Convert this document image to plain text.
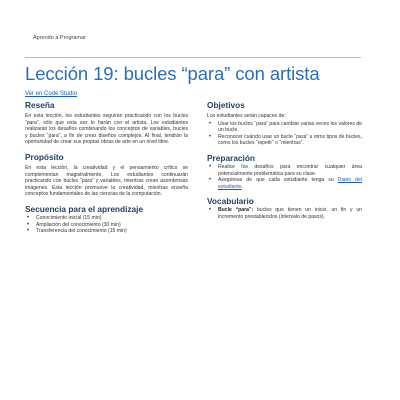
Aprendo a Programar
Lección 19: bucles “para” con artista
Ver en Code Studio
Reseña

En esta lección, los estudiantes seguirán practicando con los bucles “para”, sólo que esta vez lo harán con el artista. Los estudiantes realizarán los desafíos combinando los conceptos de variables, bucles y bucles “para”, a fin de crear diseños complejos. Al final, tendrán la oportunidad de crear sus propias obras de arte en un nivel libre.

Propósito

En esta lección, la creatividad y el pensamiento crítico se complementan magistralmente. Los estudiantes continuarán practicando con bucles “para” y variables, mientras crean asombrosas imágenes. Esta lección promueve la creatividad, mientras enseña conceptos fundamentales de las ciencias de la computación.

Secuencia para el aprendizaje
• Conocimiento inicial (15 min)
• Ampliación del conocimiento (30 min)
• Transferencia del conocimiento (15 min)
Objetivos

Los estudiantes serán capaces de:

• Usar los bucles “para” para cambiar varias veces los valores de un bucle.
• Reconocer cuándo usar un bucle “para” u otros tipos de bucles, como los bucles “repetir” o “mientras”.
Preparación
• Realice los desafíos para encontrar cualquier área potencialmente problemática para su clase.
• Asegúrese de que cada estudiante tenga su Diario del estudiante.
Vocabulario
• Bucle “para”: bucles que tienen un inicio, un fin y un incremento prestablecidos (intervalo de pasos).
